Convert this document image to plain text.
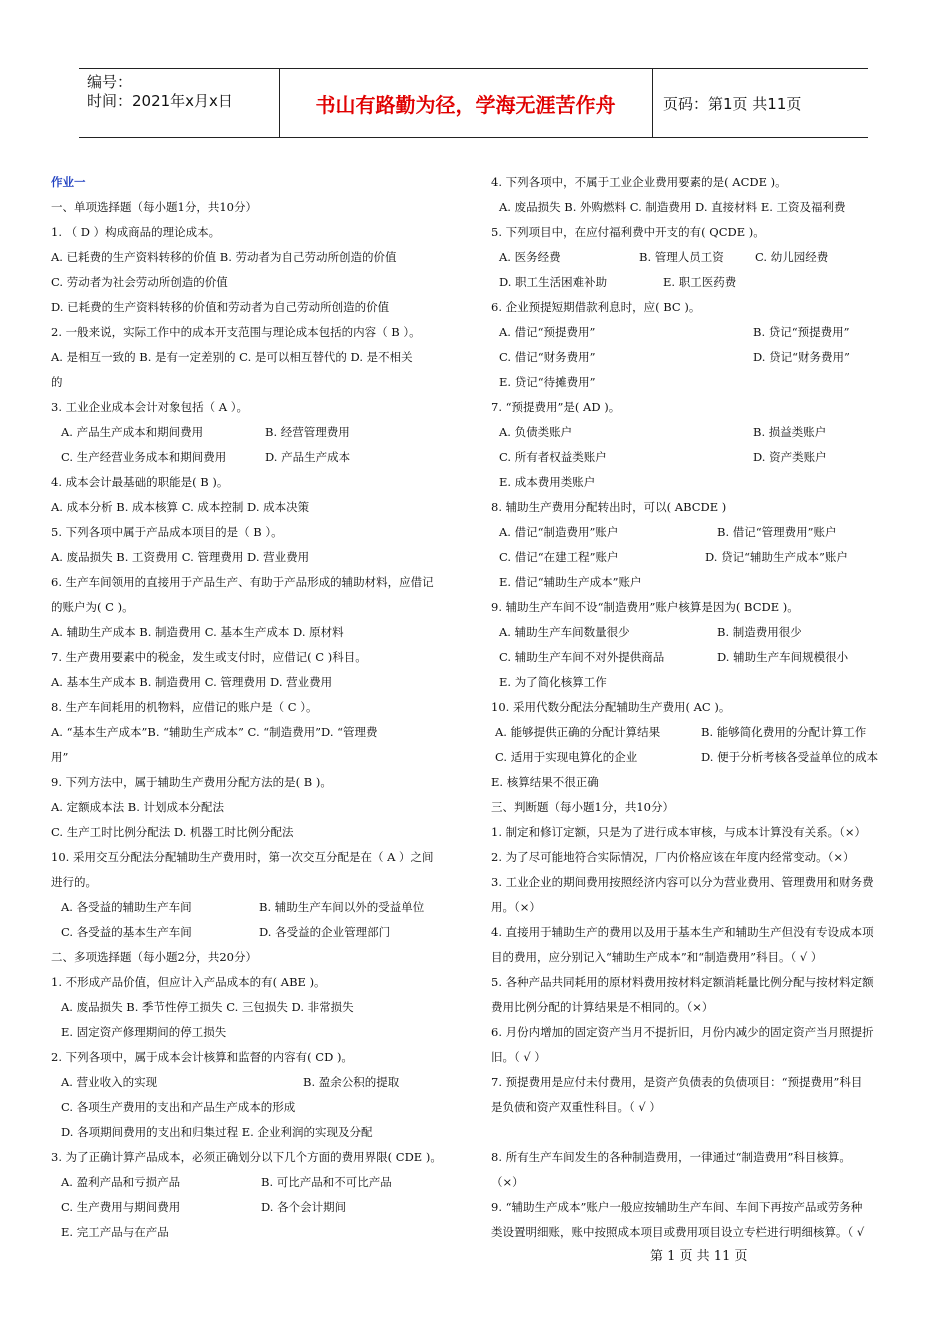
编号：
时间：2021年x月x日	书山有路勤为径，学海无涯苦作舟	页码：第1页 共11页
作业一
一、单项选择题（每小题1分，共10分）
1. （ D ）构成商品的理论成本。
A. 已耗费的生产资料转移的价值 B. 劳动者为自己劳动所创造的价值
C. 劳动者为社会劳动所创造的价值
D. 已耗费的生产资料转移的价值和劳动者为自己劳动所创造的价值
2. 一般来说，实际工作中的成本开支范围与理论成本包括的内容（ B ）。
A. 是相互一致的 B. 是有一定差别的 C. 是可以相互替代的 D. 是不相关
的
3. 工业企业成本会计对象包括（ A ）。
A. 产品生产成本和期间费用	B. 经营管理费用
C. 生产经营业务成本和期间费用	D. 产品生产成本
4. 成本会计最基础的职能是( B )。
A. 成本分析 B. 成本核算 C. 成本控制 D. 成本决策
5. 下列各项中属于产品成本项目的是（ B ）。
A. 废品损失 B. 工资费用 C. 管理费用 D. 营业费用
6. 生产车间领用的直接用于产品生产、有助于产品形成的辅助材料，应借记
的账户为( C )。
A. 辅助生产成本 B. 制造费用 C. 基本生产成本 D. 原材料
7. 生产费用要素中的税金，发生或支付时，应借记( C )科目。
A. 基本生产成本 B. 制造费用 C. 管理费用 D. 营业费用
8. 生产车间耗用的机物料，应借记的账户是（ C ）。
A. “基本生产成本”B. “辅助生产成本” C. “制造费用”D. “管理费
用”
9. 下列方法中，属于辅助生产费用分配方法的是( B )。
A. 定额成本法 B. 计划成本分配法
C. 生产工时比例分配法 D. 机器工时比例分配法
10. 采用交互分配法分配辅助生产费用时，第一次交互分配是在（ A ）之间
进行的。
A. 各受益的辅助生产车间	B. 辅助生产车间以外的受益单位
C. 各受益的基本生产车间	D. 各受益的企业管理部门
二、多项选择题（每小题2分，共20分）
1. 不形成产品价值，但应计入产品成本的有( ABE )。
A. 废品损失 B. 季节性停工损失 C. 三包损失 D. 非常损失
E. 固定资产修理期间的停工损失
2. 下列各项中，属于成本会计核算和监督的内容有( CD )。
A. 营业收入的实现	B. 盈余公积的提取
C. 各项生产费用的支出和产品生产成本的形成
D. 各项期间费用的支出和归集过程 E. 企业利润的实现及分配
3. 为了正确计算产品成本，必须正确划分以下几个方面的费用界限( CDE )。
A. 盈利产品和亏损产品	B. 可比产品和不可比产品
C. 生产费用与期间费用	D. 各个会计期间
E. 完工产品与在产品
4. 下列各项中，不属于工业企业费用要素的是( ACDE )。
A. 废品损失 B. 外购燃料 C. 制造费用 D. 直接材料 E. 工资及福利费
5. 下列项目中，在应付福利费中开支的有( QCDE )。
A. 医务经费	B. 管理人员工资	C. 幼儿园经费
D. 职工生活困难补助	E. 职工医药费
6. 企业预提短期借款利息时，应( BC )。
A. 借记“预提费用”	B. 贷记“预提费用”
C. 借记“财务费用”	D. 贷记“财务费用”
E. 贷记“待摊费用”
7. “预提费用”是( AD )。
A. 负债类账户	B. 损益类账户
C. 所有者权益类账户	D. 资产类账户
E. 成本费用类账户
8. 辅助生产费用分配转出时，可以( ABCDE )
A. 借记“制造费用”账户	B. 借记“管理费用”账户
C. 借记“在建工程”账户	D. 贷记“辅助生产成本”账户
E. 借记“辅助生产成本”账户
9. 辅助生产车间不设“制造费用”账户核算是因为( BCDE )。
A. 辅助生产车间数量很少	B. 制造费用很少
C. 辅助生产车间不对外提供商品	D. 辅助生产车间规模很小
E. 为了简化核算工作
10. 采用代数分配法分配辅助生产费用( AC )。
A. 能够提供正确的分配计算结果	B. 能够简化费用的分配计算工作
C. 适用于实现电算化的企业	D. 便于分析考核各受益单位的成本
E. 核算结果不很正确
三、判断题（每小题1分，共10分）
1. 制定和修订定额，只是为了进行成本审核，与成本计算没有关系。（×）
2. 为了尽可能地符合实际情况，厂内价格应该在年度内经常变动。（×）
3. 工业企业的期间费用按照经济内容可以分为营业费用、管理费用和财务费
用。（×）
4. 直接用于辅助生产的费用以及用于基本生产和辅助生产但没有专设成本项
目的费用，应分别记入“辅助生产成本”和“制造费用”科目。（ √ ）
5. 各种产品共同耗用的原材料费用按材料定额消耗量比例分配与按材料定额
费用比例分配的计算结果是不相同的。（×）
6. 月份内增加的固定资产当月不提折旧，月份内减少的固定资产当月照提折
旧。（ √ ）
7. 预提费用是应付未付费用，是资产负债表的负债项目：“预提费用”科目
是负债和资产双重性科目。（ √ ）
8. 所有生产车间发生的各种制造费用，一律通过“制造费用”科目核算。
（×）
9. “辅助生产成本”账户一般应按辅助生产车间、车间下再按产品或劳务种
类设置明细账，账中按照成本项目或费用项目设立专栏进行明细核算。（ √
第 1 页 共 11 页
